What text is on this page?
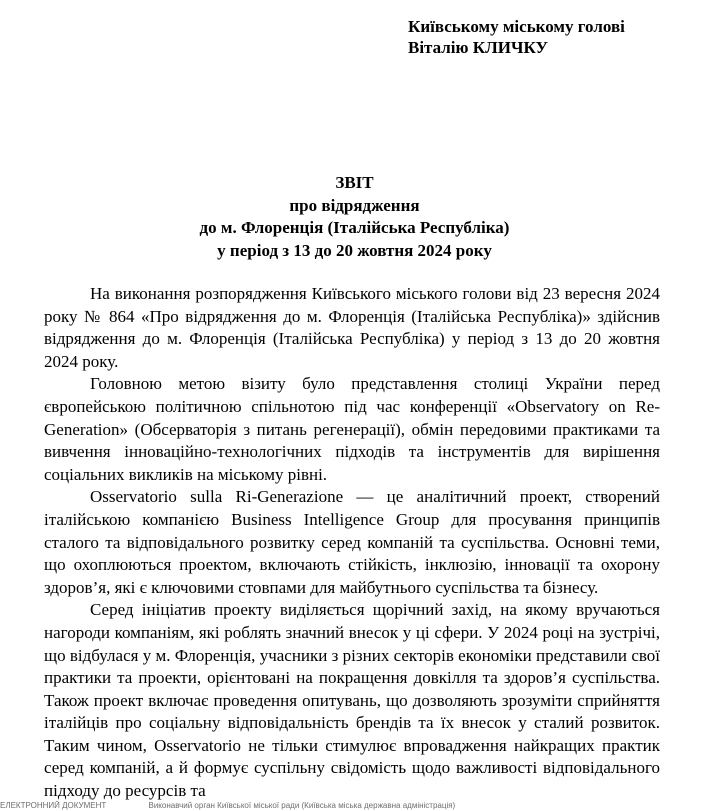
Київському міському голові
Віталію КЛИЧКУ
ЗВІТ
про відрядження
до м. Флоренція (Італійська Республіка)
у період з 13 до 20 жовтня 2024 року

На виконання розпорядження Київського міського голови від 23 вересня 2024 року № 864 «Про відрядження до м. Флоренція (Італійська Республіка)» здійснив відрядження до м. Флоренція (Італійська Республіка) у період з 13 до 20 жовтня 2024 року.

Головною метою візиту було представлення столиці України перед європейською політичною спільнотою під час конференції «Observatory on Re-Generation» (Обсерваторія з питань регенерації), обмін передовими практиками та вивчення інноваційно-технологічних підходів та інструментів для вирішення соціальних викликів на міському рівні.

Osservatorio sulla Ri-Generazione — це аналітичний проект, створений італійською компанією Business Intelligence Group для просування принципів сталого та відповідального розвитку серед компаній та суспільства. Основні теми, що охоплюються проектом, включають стійкість, інклюзію, інновації та охорону здоров’я, які є ключовими стовпами для майбутнього суспільства та бізнесу.

Серед ініціатив проекту виділяється щорічний захід, на якому вручаються нагороди компаніям, які роблять значний внесок у ці сфери. У 2024 році на зустрічі, що відбулася у м. Флоренція, учасники з різних секторів економіки представили свої практики та проекти, орієнтовані на покращення довкілля та здоров’я суспільства. Також проект включає проведення опитувань, що дозволяють зрозуміти сприйняття італійців про соціальну відповідальність брендів та їх внесок у сталий розвиток. Таким чином, Osservatorio не тільки стимулює впровадження найкращих практик серед компаній, а й формує суспільну свідомість щодо важливості відповідального підходу до ресурсів та

ЕЛЕКТРОННИЙ ДОКУМЕНТ	Виконавчий орган Київської міської ради (Київська міська державна адміністрація)
